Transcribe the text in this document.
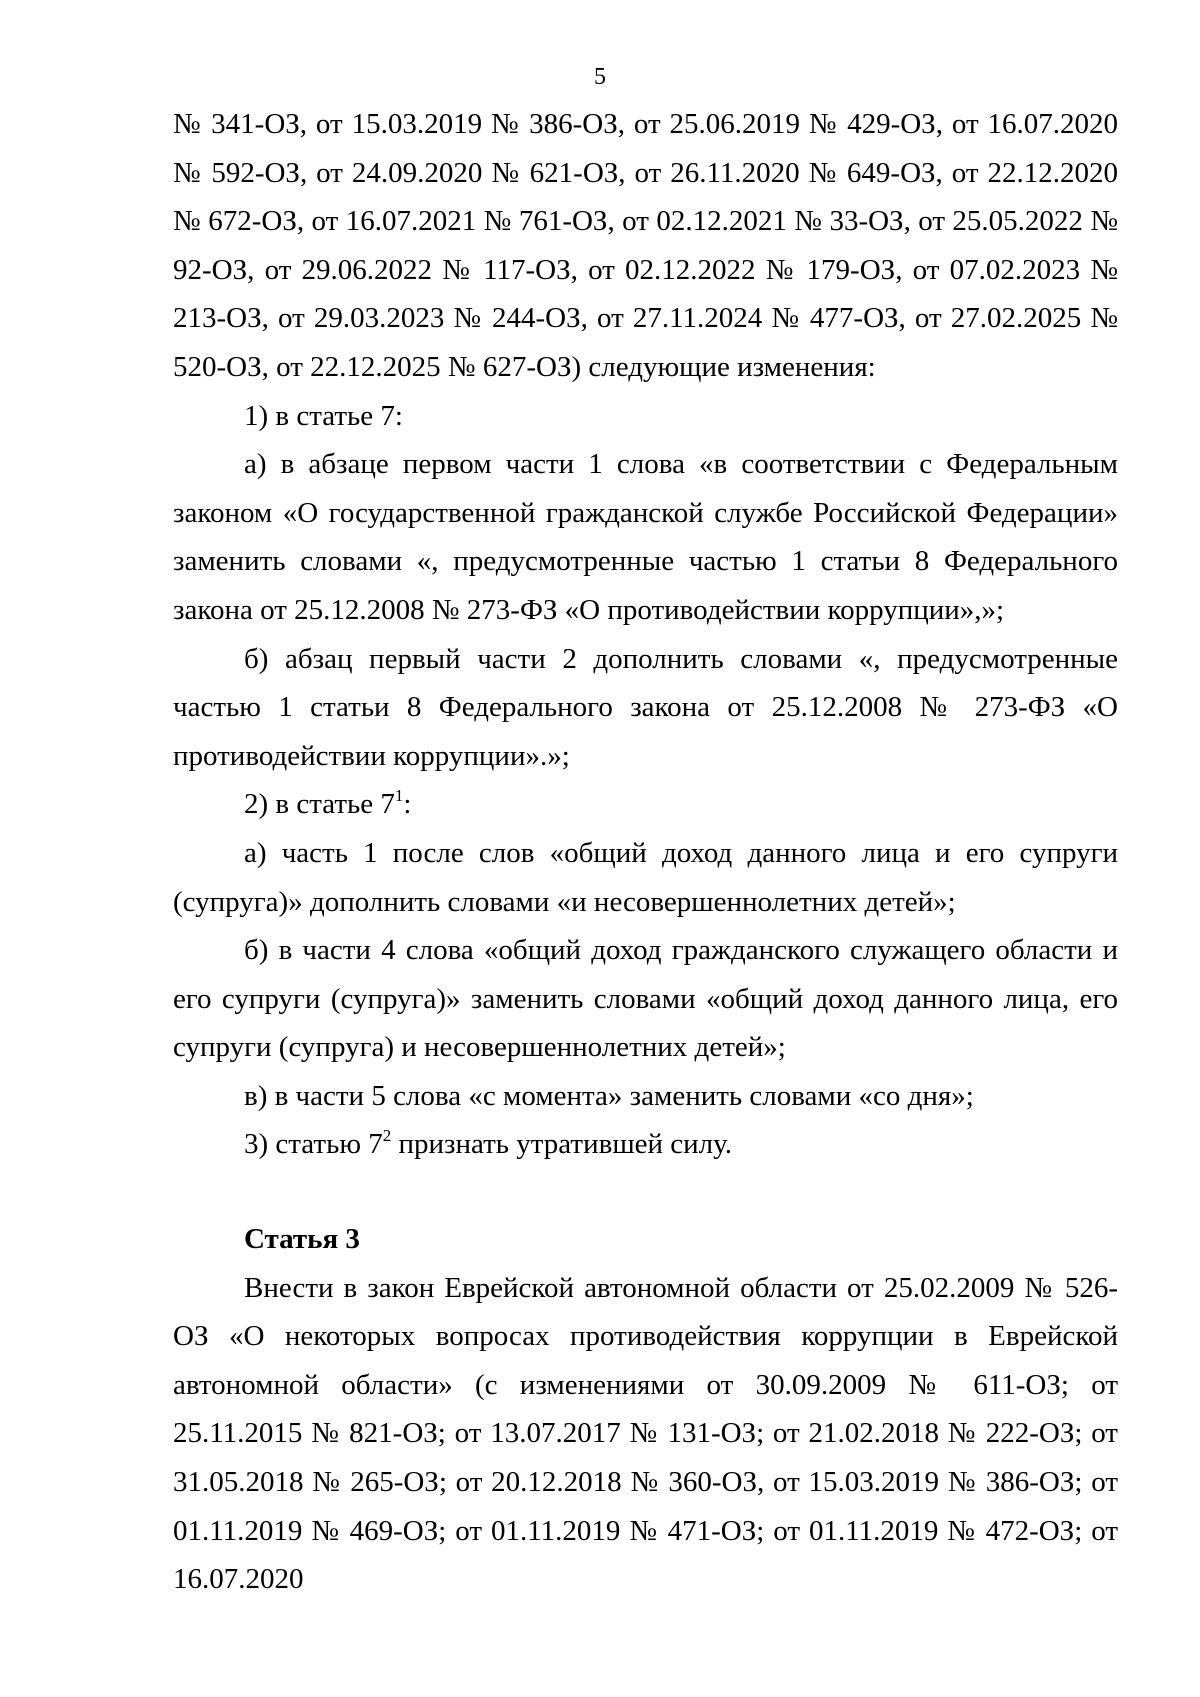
5

№ 341-ОЗ, от 15.03.2019 № 386-ОЗ, от 25.06.2019 № 429-ОЗ, от 16.07.2020 № 592-ОЗ, от 24.09.2020 № 621-ОЗ, от 26.11.2020 № 649-ОЗ, от 22.12.2020 № 672-ОЗ, от 16.07.2021 № 761-ОЗ, от 02.12.2021 № 33-ОЗ, от 25.05.2022 № 92-ОЗ, от 29.06.2022 № 117-ОЗ, от 02.12.2022 № 179-ОЗ, от 07.02.2023 № 213-ОЗ, от 29.03.2023 № 244-ОЗ, от 27.11.2024 № 477-ОЗ, от 27.02.2025 № 520-ОЗ, от 22.12.2025 № 627-ОЗ) следующие изменения:

1) в статье 7:

а) в абзаце первом части 1 слова «в соответствии с Федеральным законом «О государственной гражданской службе Российской Федерации» заменить словами «, предусмотренные частью 1 статьи 8 Федерального закона от 25.12.2008 № 273-ФЗ «О противодействии коррупции»,»;

б) абзац первый части 2 дополнить словами «, предусмотренные частью 1 статьи 8 Федерального закона от 25.12.2008 № 273-ФЗ «О противодействии коррупции».»;

2) в статье $7^1$:

а) часть 1 после слов «общий доход данного лица и его супруги (супруга)» дополнить словами «и несовершеннолетних детей»;

б) в части 4 слова «общий доход гражданского служащего области и его супруги (супруга)» заменить словами «общий доход данного лица, его супруги (супруга) и несовершеннолетних детей»;

в) в части 5 слова «с момента» заменить словами «со дня»;

3) статью $7^2$ признать утратившей силу.

Статья 3

Внести в закон Еврейской автономной области от 25.02.2009 № 526-ОЗ «О некоторых вопросах противодействия коррупции в Еврейской автономной области» (с изменениями от 30.09.2009 № 611-ОЗ; от 25.11.2015 № 821-ОЗ; от 13.07.2017 № 131-ОЗ; от 21.02.2018 № 222-ОЗ; от 31.05.2018 № 265-ОЗ; от 20.12.2018 № 360-ОЗ, от 15.03.2019 № 386-ОЗ; от 01.11.2019 № 469-ОЗ; от 01.11.2019 № 471-ОЗ; от 01.11.2019 № 472-ОЗ; от 16.07.2020
